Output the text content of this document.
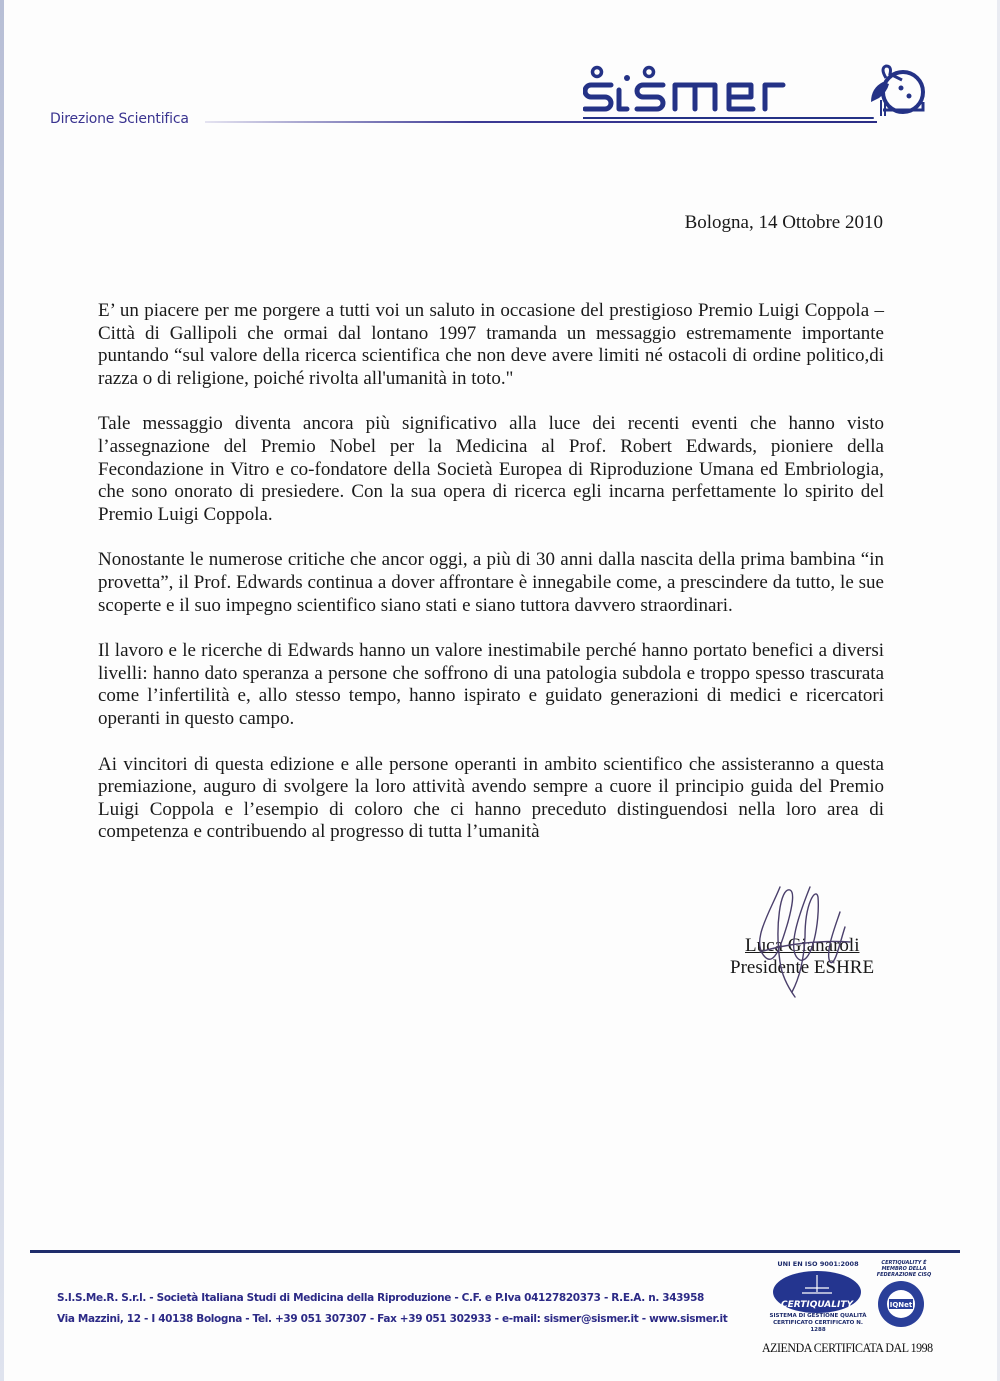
Direzione Scientifica
Bologna, 14 Ottobre 2010

E’ un piacere per me porgere a tutti voi un saluto in occasione del prestigioso Premio Luigi Coppola – Città di Gallipoli che ormai dal lontano 1997 tramanda un messaggio estremamente importante puntando “sul valore della ricerca scientifica che non deve avere limiti né ostacoli di ordine politico,di razza o di religione, poiché rivolta all'umanità in toto."

Tale messaggio diventa ancora più significativo alla luce dei recenti eventi che hanno visto l’assegnazione del Premio Nobel per la Medicina al Prof. Robert Edwards, pioniere della Fecondazione in Vitro e co-fondatore della Società Europea di Riproduzione Umana ed Embriologia, che sono onorato di presiedere. Con la sua opera di ricerca egli incarna perfettamente lo spirito del Premio Luigi Coppola.

Nonostante le numerose critiche che ancor oggi, a più di 30 anni dalla nascita della prima bambina “in provetta”, il Prof. Edwards continua a dover affrontare è innegabile come, a prescindere da tutto, le sue scoperte e il suo impegno scientifico siano stati e siano tuttora davvero straordinari.

Il lavoro e le ricerche di Edwards hanno un valore inestimabile perché hanno portato benefici a diversi livelli: hanno dato speranza a persone che soffrono di una patologia subdola e troppo spesso trascurata come l’infertilità e, allo stesso tempo, hanno ispirato e guidato generazioni di medici e ricercatori operanti in questo campo.

Ai vincitori di questa edizione e alle persone operanti in ambito scientifico che assisteranno a questa premiazione, auguro di svolgere la loro attività avendo sempre a cuore il principio guida del Premio Luigi Coppola e l’esempio di coloro che ci hanno preceduto distinguendosi nella loro area di competenza e contribuendo al progresso di tutta l’umanità

Luca Gianaroli
Presidente ESHRE
S.I.S.Me.R. S.r.l. - Società Italiana Studi di Medicina della Riproduzione - C.F. e P.Iva 04127820373 - R.E.A. n. 343958
Via Mazzini, 12 - I 40138 Bologna - Tel. +39 051 307307 - Fax +39 051 302933 - e-mail: sismer@sismer.it - www.sismer.it
UNI EN ISO 9001:2008
CERTIQUALITY
SISTEMA DI GESTIONE QUALITÀ CERTIFICATO CERTIFICATO N. 1288
CERTIQUALITY È MEMBRO DELLA FEDERAZIONE CISQ
IQNet
AZIENDA CERTIFICATA DAL 1998
